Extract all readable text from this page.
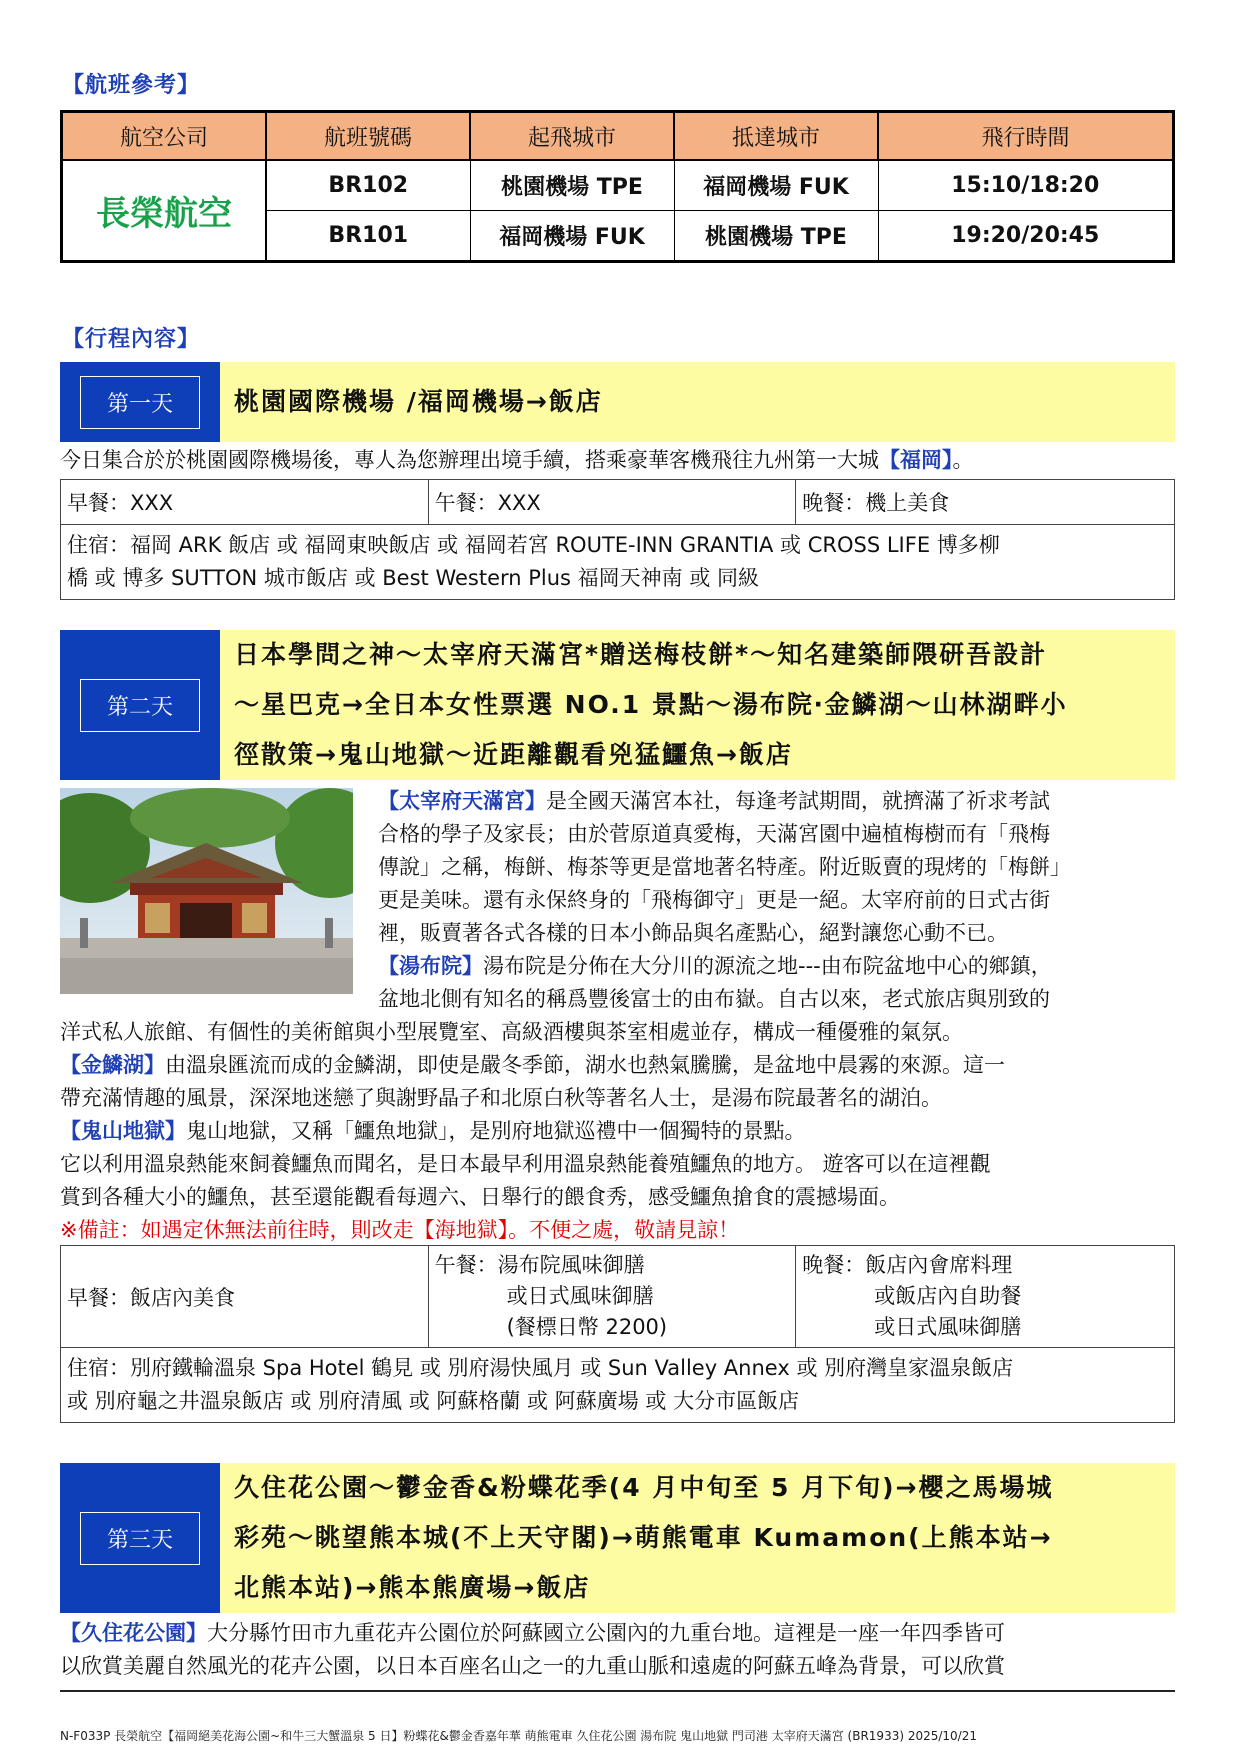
【航班參考】
航空公司	航班號碼	起飛城市	抵達城市	飛行時間
長榮航空	BR102	桃園機場 TPE	福岡機場 FUK	15:10/18:20
	BR101	福岡機場 FUK	桃園機場 TPE	19:20/20:45
【行程內容】
第一天	桃園國際機場 /福岡機場→飯店
今日集合於於桃園國際機場後，專人為您辦理出境手續，搭乘豪華客機飛往九州第一大城【福岡】。
早餐：XXX	午餐：XXX	晚餐：機上美食

住宿：福岡 ARK 飯店 或 福岡東映飯店 或 福岡若宮 ROUTE-INN GRANTIA 或 CROSS LIFE 博多柳
橋 或 博多 SUTTON 城市飯店 或 Best Western Plus 福岡天神南 或 同級
第二天
日本學問之神～太宰府天滿宮*贈送梅枝餅*～知名建築師隈研吾設計
～星巴克→全日本女性票選 NO.1 景點～湯布院‧金鱗湖～山林湖畔小
徑散策→鬼山地獄～近距離觀看兇猛鱷魚→飯店
【太宰府天滿宮】是全國天滿宮本社，每逢考試期間，就擠滿了祈求考試
合格的學子及家長；由於菅原道真愛梅，天滿宮園中遍植梅樹而有「飛梅
傳說」之稱，梅餅、梅茶等更是當地著名特產。附近販賣的現烤的「梅餅」
更是美味。還有永保終身的「飛梅御守」更是一絕。太宰府前的日式古街
裡，販賣著各式各樣的日本小飾品與名產點心，絕對讓您心動不已。
【湯布院】湯布院是分佈在大分川的源流之地---由布院盆地中心的鄉鎮，
盆地北側有知名的稱爲豐後富士的由布嶽。自古以來，老式旅店與別致的
洋式私人旅館、有個性的美術館與小型展覽室、高級酒樓與茶室相處並存，構成一種優雅的氣氛。
【金鱗湖】由溫泉匯流而成的金鱗湖，即使是嚴冬季節，湖水也熱氣騰騰，是盆地中晨霧的來源。這一
帶充滿情趣的風景，深深地迷戀了與謝野晶子和北原白秋等著名人士，是湯布院最著名的湖泊。
【鬼山地獄】鬼山地獄，又稱「鱷魚地獄」，是別府地獄巡禮中一個獨特的景點。
它以利用溫泉熱能來飼養鱷魚而聞名，是日本最早利用溫泉熱能養殖鱷魚的地方。 遊客可以在這裡觀
賞到各種大小的鱷魚，甚至還能觀看每週六、日舉行的餵食秀，感受鱷魚搶食的震撼場面。
※備註：如遇定休無法前往時，則改走【海地獄】。不便之處，敬請見諒！
早餐：飯店內美食	
午餐：湯布院風味御膳
或日式風味御膳
(餐標日幣 2200)

晚餐：飯店內會席料理
或飯店內自助餐
或日式風味御膳

住宿：別府鐵輪溫泉 Spa Hotel 鶴見 或 別府湯快風月 或 Sun Valley Annex 或 別府灣皇家溫泉飯店
或 別府龜之井溫泉飯店 或 別府清風 或 阿蘇格蘭 或 阿蘇廣場 或 大分市區飯店
第三天
久住花公園～鬱金香&粉蝶花季(4 月中旬至 5 月下旬)→櫻之馬場城
彩苑～眺望熊本城(不上天守閣)→萌熊電車 Kumamon(上熊本站→
北熊本站)→熊本熊廣場→飯店
【久住花公園】大分縣竹田市九重花卉公園位於阿蘇國立公園內的九重台地。這裡是一座一年四季皆可
以欣賞美麗自然風光的花卉公園，以日本百座名山之一的九重山脈和遠處的阿蘇五峰為背景，可以欣賞
N-F033P 長榮航空【福岡絕美花海公園~和牛三大蟹溫泉 5 日】粉蝶花&鬱金香嘉年華 萌熊電車 久住花公園 湯布院 鬼山地獄 門司港 太宰府天滿宮 (BR1933) 2025/10/21
